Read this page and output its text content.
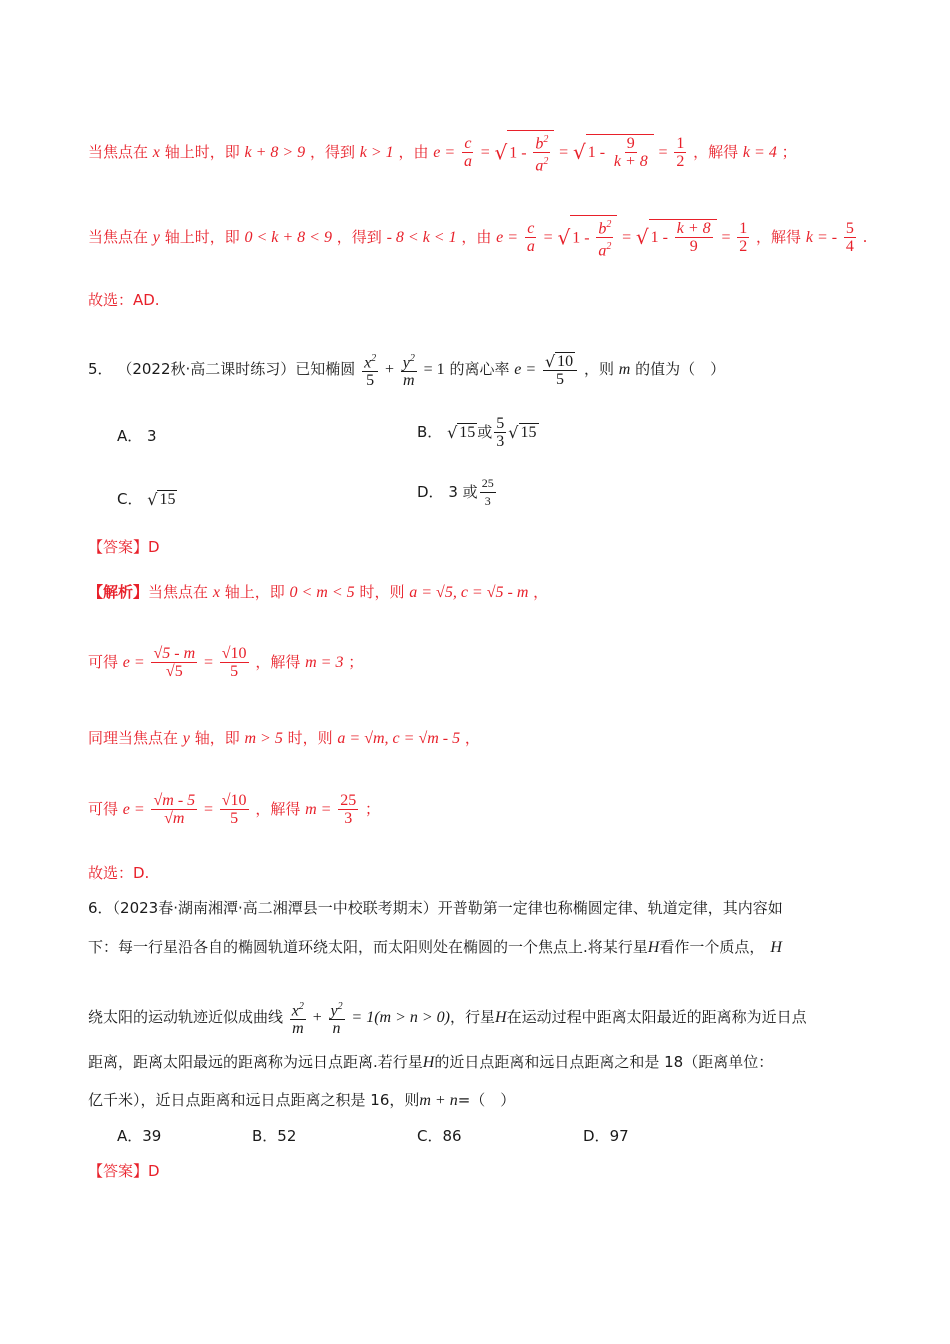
当焦点在 x 轴上时，即 k + 8 > 9 ，得到 k > 1 ，由 $e = \frac{c}{a}$ = √ $1 - \frac{b^2}{a^2}$ = √ $1 - \frac{9}{k + 8} = \frac{1}{2}$ ，解得 k = 4 ；
当焦点在 y 轴上时，即 0 < k + 8 < 9 ，得到 - 8 < k < 1 ，由 $e = \frac{c}{a}$ = √ $1 - \frac{b^2}{a^2}$ = √ $1 - \frac{k + 8}{9} = \frac{1}{2}$ ，解得 k = - $\frac{5}{4}$ .
故选：AD.
5． （2022秋·高二课时练习）已知椭圆 $\frac{x^2}{5} + \frac{y^2}{m} = 1$ 的离心率 $e = \frac{√ 10}{5}$ ，则 m 的值为（　）
A． 3	B． √ 15 或 $\frac{5}{3}$ √ 15
C． √ 15	D． 3 或 $\frac{25}{3}$
【答案】D
【解析】当焦点在 x 轴上，即 0 < m < 5 时，则 a = √5, c = √5 - m ，
可得 $e = \frac{√5 - m}{√5} = \frac{√10}{5}$ ，解得 m = 3 ；
同理当焦点在 y 轴，即 m > 5 时，则 a = √m, c = √m - 5 ，
可得 $e = \frac{√m - 5}{√m} = \frac{√10}{5}$ ，解得 $m = \frac{25}{3}$ ；
故选：D.
6．（2023春·湖南湘潭·高二湘潭县一中校联考期末）开普勒第一定律也称椭圆定律、轨道定律，其内容如
下：每一行星沿各自的椭圆轨道环绕太阳，而太阳则处在椭圆的一个焦点上.将某行星H看作一个质点， H
绕太阳的运动轨迹近似成曲线 $\frac{x^2}{m} + \frac{y^2}{n} = 1(m > n > 0)$，行星H在运动过程中距离太阳最近的距离称为近日点
距离，距离太阳最远的距离称为远日点距离.若行星H的近日点距离和远日点距离之和是 18（距离单位：
亿千米），近日点距离和远日点距离之积是 16，则m + n=（　）
A．39	B．52	C．86	D．97
【答案】D
